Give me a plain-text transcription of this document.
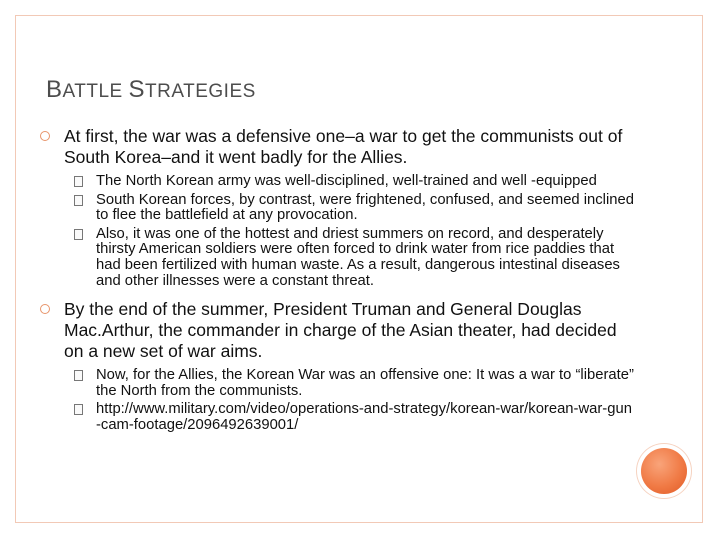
BATTLE STRATEGIES
At first, the war was a defensive one–a war to get the communists out of South Korea–and it went badly for the Allies.
The North Korean army was well-disciplined, well-trained and well -equipped
South Korean forces, by contrast, were frightened, confused, and seemed inclined to flee the battlefield at any provocation.
Also, it was one of the hottest and driest summers on record, and desperately thirsty American soldiers were often forced to drink water from rice paddies that had been fertilized with human waste. As a result, dangerous intestinal diseases and other illnesses were a constant threat.
By the end of the summer, President Truman and General Douglas Mac.Arthur, the commander in charge of the Asian theater, had decided on a new set of war aims.
Now, for the Allies, the Korean War was an offensive one: It was a war to “liberate” the North from the communists.
http://www.military.com/video/operations-and-strategy/korean-war/korean-war-gun-cam-footage/2096492639001/
